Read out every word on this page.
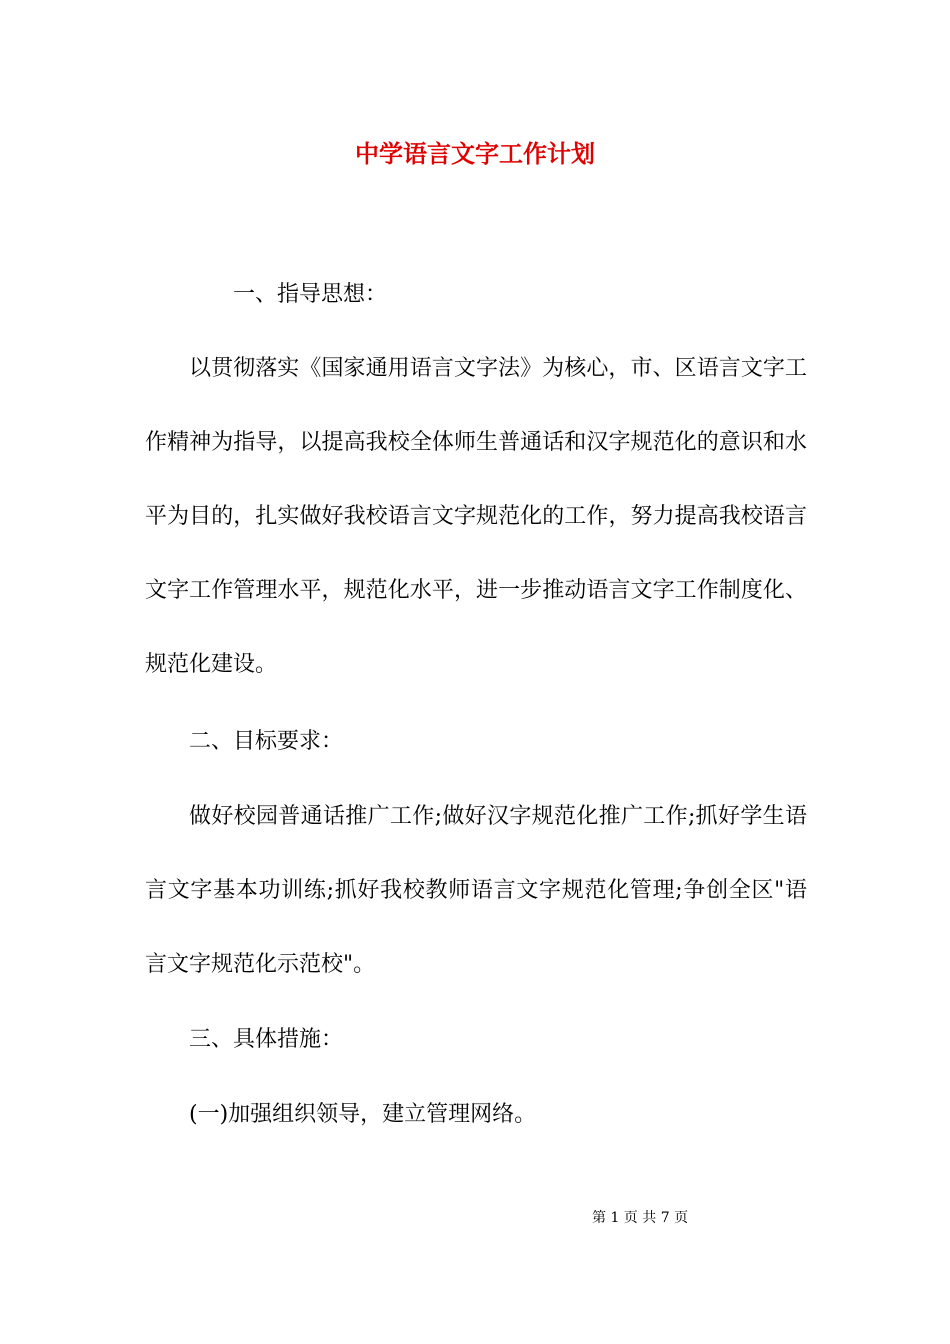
中学语言文字工作计划
一、指导思想：
以贯彻落实《国家通用语言文字法》为核心，市、区语言文字工作精神为指导，以提高我校全体师生普通话和汉字规范化的意识和水平为目的，扎实做好我校语言文字规范化的工作，努力提高我校语言文字工作管理水平，规范化水平，进一步推动语言文字工作制度化、规范化建设。
二、目标要求：
做好校园普通话推广工作;做好汉字规范化推广工作;抓好学生语言文字基本功训练;抓好我校教师语言文字规范化管理;争创全区"语言文字规范化示范校"。
三、具体措施：
(一)加强组织领导，建立管理网络。
第 1 页 共 7 页
